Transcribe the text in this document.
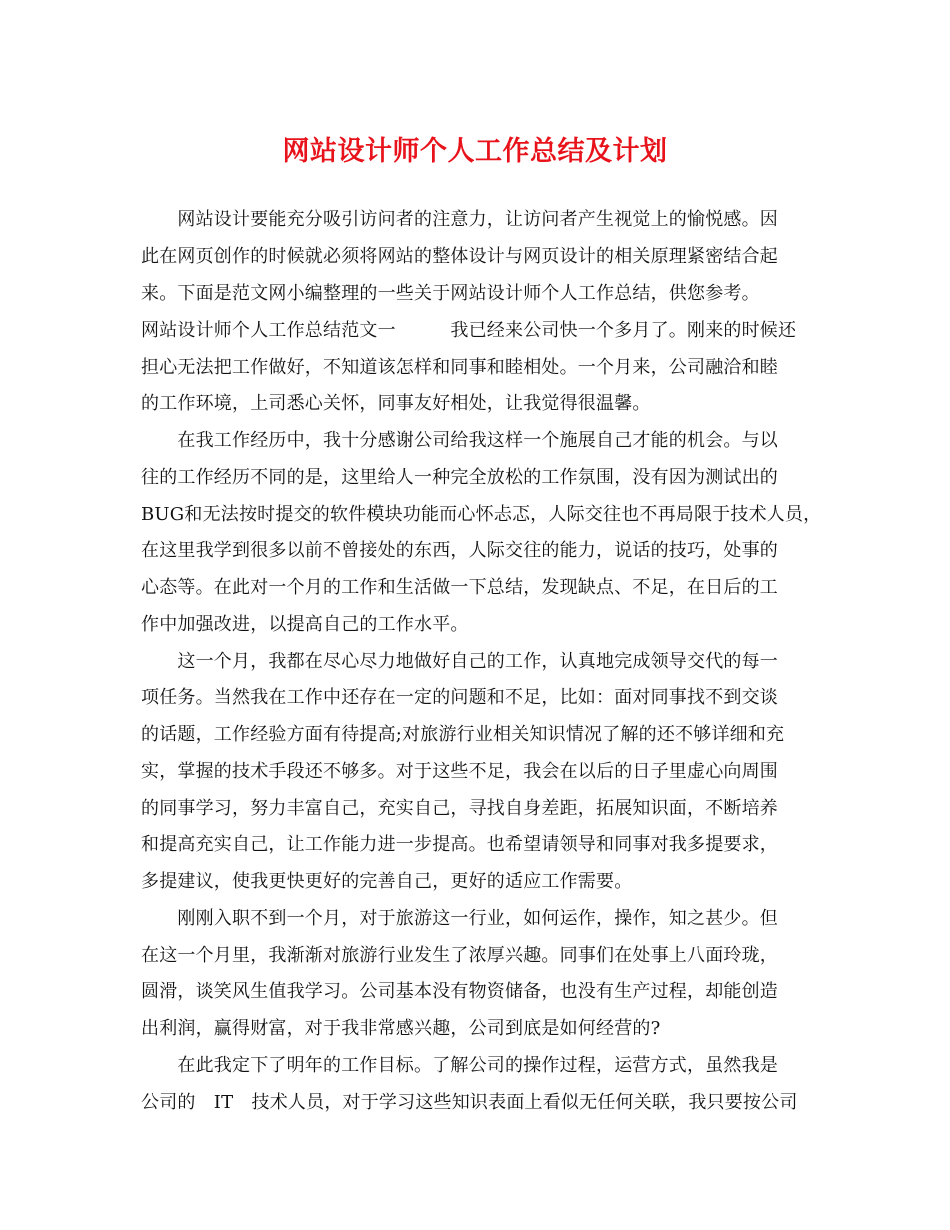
网站设计师个人工作总结及计划
　　网站设计要能充分吸引访问者的注意力，让访问者产生视觉上的愉悦感。因
此在网页创作的时候就必须将网站的整体设计与网页设计的相关原理紧密结合起
来。下面是范文网小编整理的一些关于网站设计师个人工作总结，供您参考。
网站设计师个人工作总结范文一　　　我已经来公司快一个多月了。刚来的时候还
担心无法把工作做好，不知道该怎样和同事和睦相处。一个月来，公司融洽和睦
的工作环境，上司悉心关怀，同事友好相处，让我觉得很温馨。
　　在我工作经历中，我十分感谢公司给我这样一个施展自己才能的机会。与以
往的工作经历不同的是，这里给人一种完全放松的工作氛围，没有因为测试出的
BUG和无法按时提交的软件模块功能而心怀忐忑，人际交往也不再局限于技术人员，
在这里我学到很多以前不曾接处的东西，人际交往的能力，说话的技巧，处事的
心态等。在此对一个月的工作和生活做一下总结，发现缺点、不足，在日后的工
作中加强改进，以提高自己的工作水平。
　　这一个月，我都在尽心尽力地做好自己的工作，认真地完成领导交代的每一
项任务。当然我在工作中还存在一定的问题和不足，比如：面对同事找不到交谈
的话题，工作经验方面有待提高;对旅游行业相关知识情况了解的还不够详细和充
实，掌握的技术手段还不够多。对于这些不足，我会在以后的日子里虚心向周围
的同事学习，努力丰富自己，充实自己，寻找自身差距，拓展知识面，不断培养
和提高充实自己，让工作能力进一步提高。也希望请领导和同事对我多提要求，
多提建议，使我更快更好的完善自己，更好的适应工作需要。
　　刚刚入职不到一个月，对于旅游这一行业，如何运作，操作，知之甚少。但
在这一个月里，我渐渐对旅游行业发生了浓厚兴趣。同事们在处事上八面玲珑，
圆滑，谈笑风生值我学习。公司基本没有物资储备，也没有生产过程，却能创造
出利润，赢得财富，对于我非常感兴趣，公司到底是如何经营的?
　　在此我定下了明年的工作目标。了解公司的操作过程，运营方式，虽然我是
公司的　IT　技术人员，对于学习这些知识表面上看似无任何关联，我只要按公司
